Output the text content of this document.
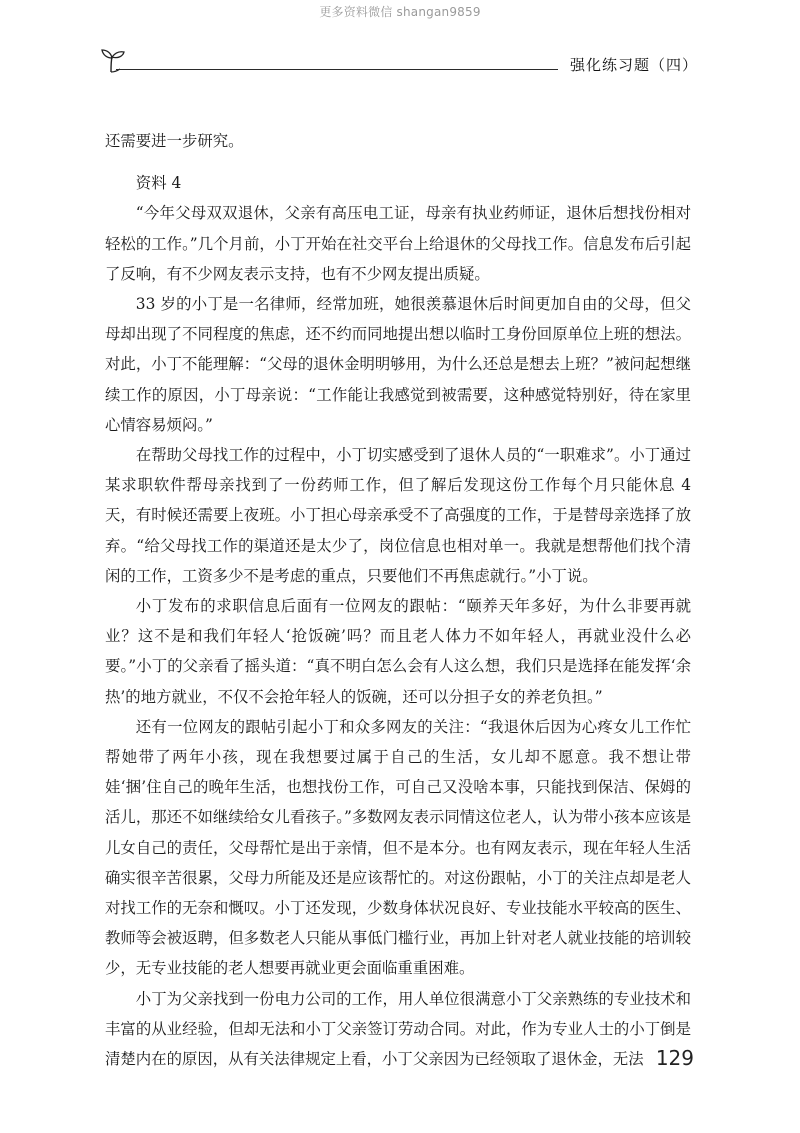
更多资料微信 shangan9859
强化练习题（四）

还需要进一步研究。

资料 4

“今年父母双双退休，父亲有高压电工证，母亲有执业药师证，退休后想找份相对轻松的工作。”几个月前，小丁开始在社交平台上给退休的父母找工作。信息发布后引起了反响，有不少网友表示支持，也有不少网友提出质疑。

33 岁的小丁是一名律师，经常加班，她很羡慕退休后时间更加自由的父母，但父母却出现了不同程度的焦虑，还不约而同地提出想以临时工身份回原单位上班的想法。对此，小丁不能理解：“父母的退休金明明够用，为什么还总是想去上班？”被问起想继续工作的原因，小丁母亲说：“工作能让我感觉到被需要，这种感觉特别好，待在家里心情容易烦闷。”

在帮助父母找工作的过程中，小丁切实感受到了退休人员的“一职难求”。小丁通过某求职软件帮母亲找到了一份药师工作，但了解后发现这份工作每个月只能休息 4 天，有时候还需要上夜班。小丁担心母亲承受不了高强度的工作，于是替母亲选择了放弃。“给父母找工作的渠道还是太少了，岗位信息也相对单一。我就是想帮他们找个清闲的工作，工资多少不是考虑的重点，只要他们不再焦虑就行。”小丁说。

小丁发布的求职信息后面有一位网友的跟帖：“颐养天年多好，为什么非要再就业？这不是和我们年轻人‘抢饭碗’吗？而且老人体力不如年轻人，再就业没什么必要。”小丁的父亲看了摇头道：“真不明白怎么会有人这么想，我们只是选择在能发挥‘余热’的地方就业，不仅不会抢年轻人的饭碗，还可以分担子女的养老负担。”

还有一位网友的跟帖引起小丁和众多网友的关注：“我退休后因为心疼女儿工作忙帮她带了两年小孩，现在我想要过属于自己的生活，女儿却不愿意。我不想让带娃‘捆’住自己的晚年生活，也想找份工作，可自己又没啥本事，只能找到保洁、保姆的活儿，那还不如继续给女儿看孩子。”多数网友表示同情这位老人，认为带小孩本应该是儿女自己的责任，父母帮忙是出于亲情，但不是本分。也有网友表示，现在年轻人生活确实很辛苦很累，父母力所能及还是应该帮忙的。对这份跟帖，小丁的关注点却是老人对找工作的无奈和慨叹。小丁还发现，少数身体状况良好、专业技能水平较高的医生、教师等会被返聘，但多数老人只能从事低门槛行业，再加上针对老人就业技能的培训较少，无专业技能的老人想要再就业更会面临重重困难。

小丁为父亲找到一份电力公司的工作，用人单位很满意小丁父亲熟练的专业技术和丰富的从业经验，但却无法和小丁父亲签订劳动合同。对此，作为专业人士的小丁倒是清楚内在的原因，从有关法律规定上看，小丁父亲因为已经领取了退休金，无法 129
